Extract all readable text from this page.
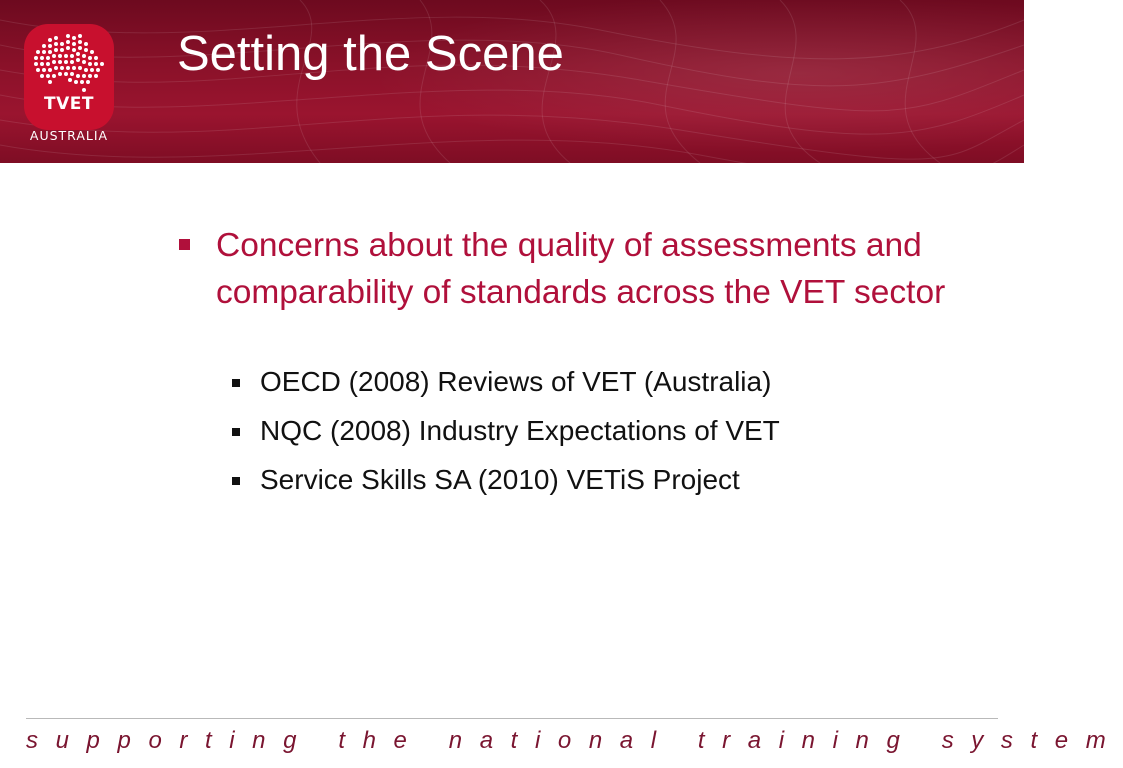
TVET
AUSTRALIA
Setting the Scene
Concerns about the quality of assessments and comparability of standards across the VET sector
OECD (2008) Reviews of VET (Australia)
NQC (2008) Industry Expectations of VET
Service Skills SA (2010) VETiS Project
supporting the national training system
